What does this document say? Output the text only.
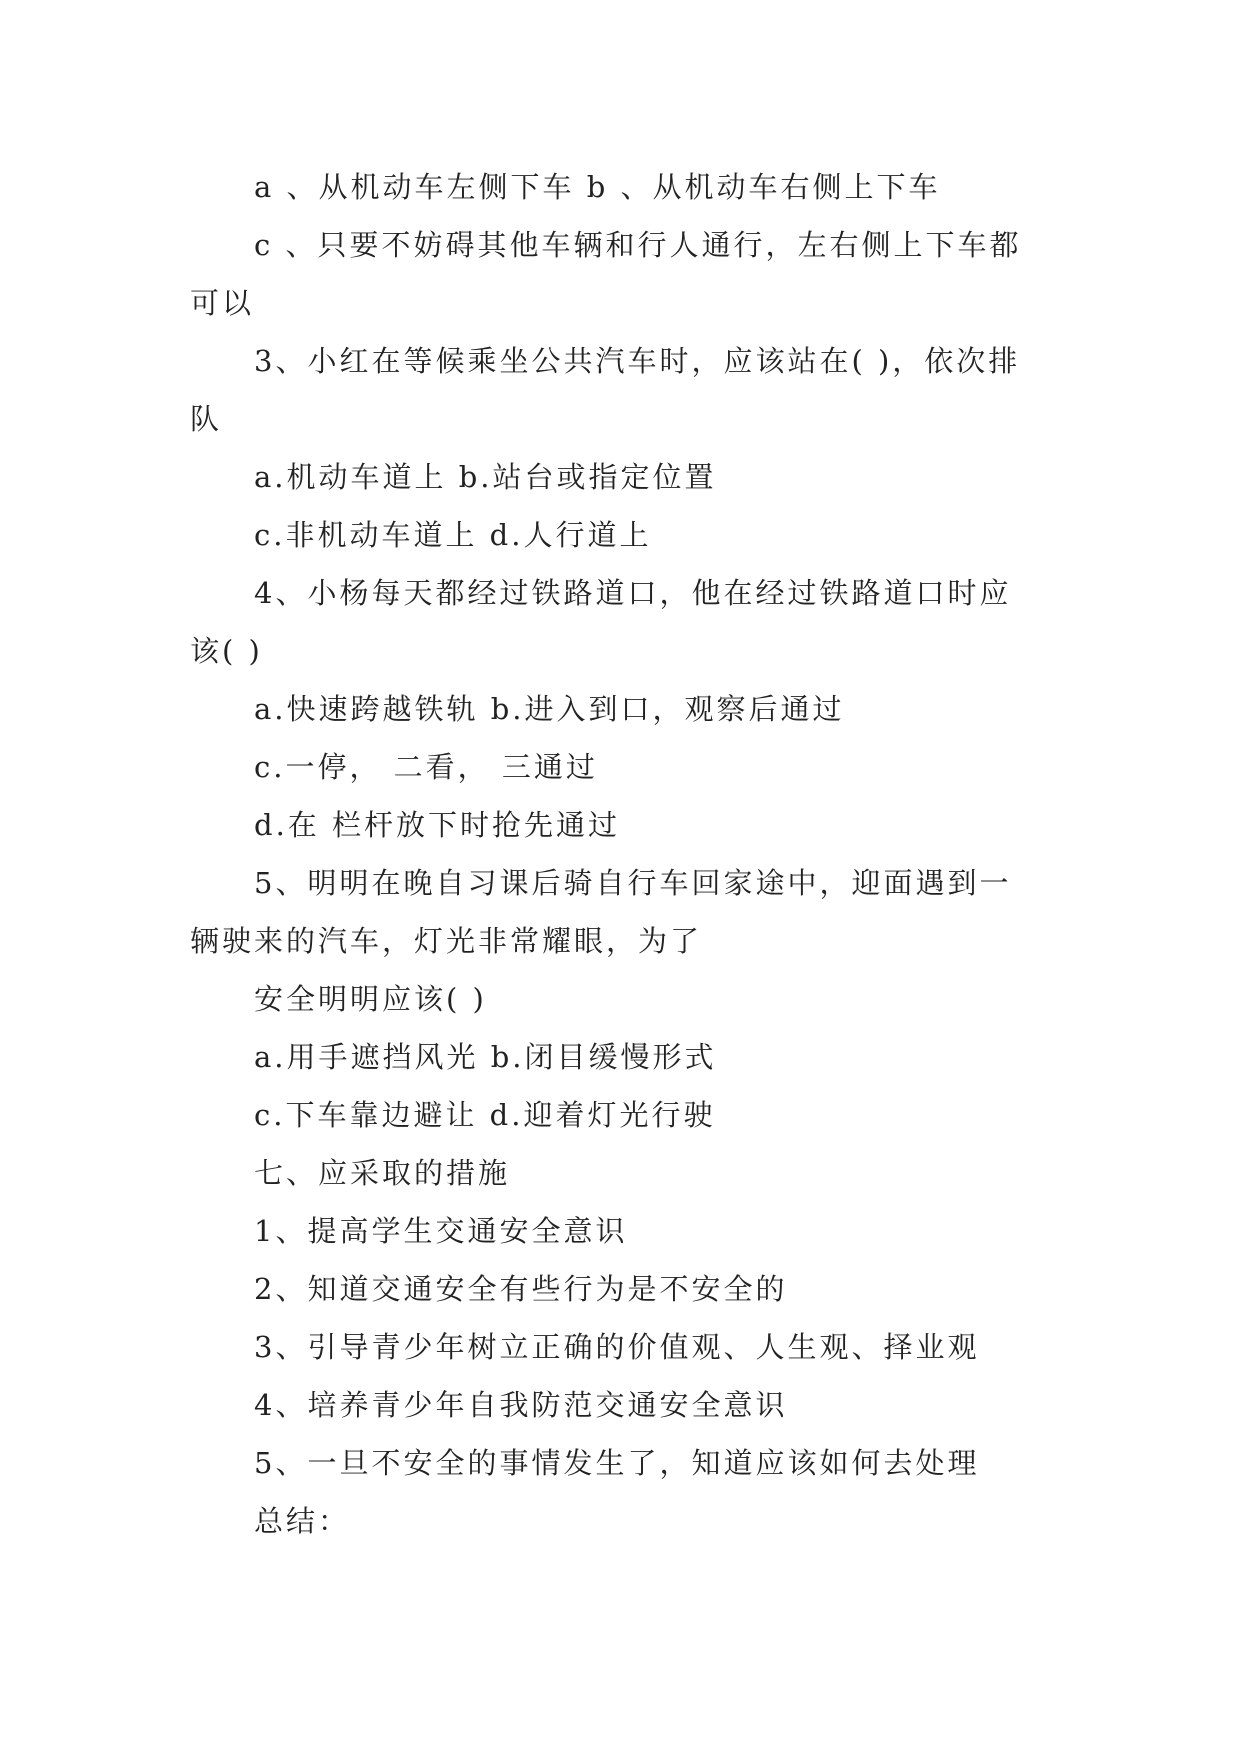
a 、从机动车左侧下车 b 、从机动车右侧上下车
c 、只要不妨碍其他车辆和行人通行，左右侧上下车都
可以
3、小红在等候乘坐公共汽车时，应该站在( )，依次排
队
a.机动车道上 b.站台或指定位置
c.非机动车道上 d.人行道上
4、小杨每天都经过铁路道口，他在经过铁路道口时应
该( )
a.快速跨越铁轨 b.进入到口，观察后通过
c.一停， 二看， 三通过
d.在 栏杆放下时抢先通过
5、明明在晚自习课后骑自行车回家途中，迎面遇到一
辆驶来的汽车，灯光非常耀眼，为了
安全明明应该( )
a.用手遮挡风光 b.闭目缓慢形式
c.下车靠边避让 d.迎着灯光行驶
七、应采取的措施
1、提高学生交通安全意识
2、知道交通安全有些行为是不安全的
3、引导青少年树立正确的价值观、人生观、择业观
4、培养青少年自我防范交通安全意识
5、一旦不安全的事情发生了，知道应该如何去处理
总结：
